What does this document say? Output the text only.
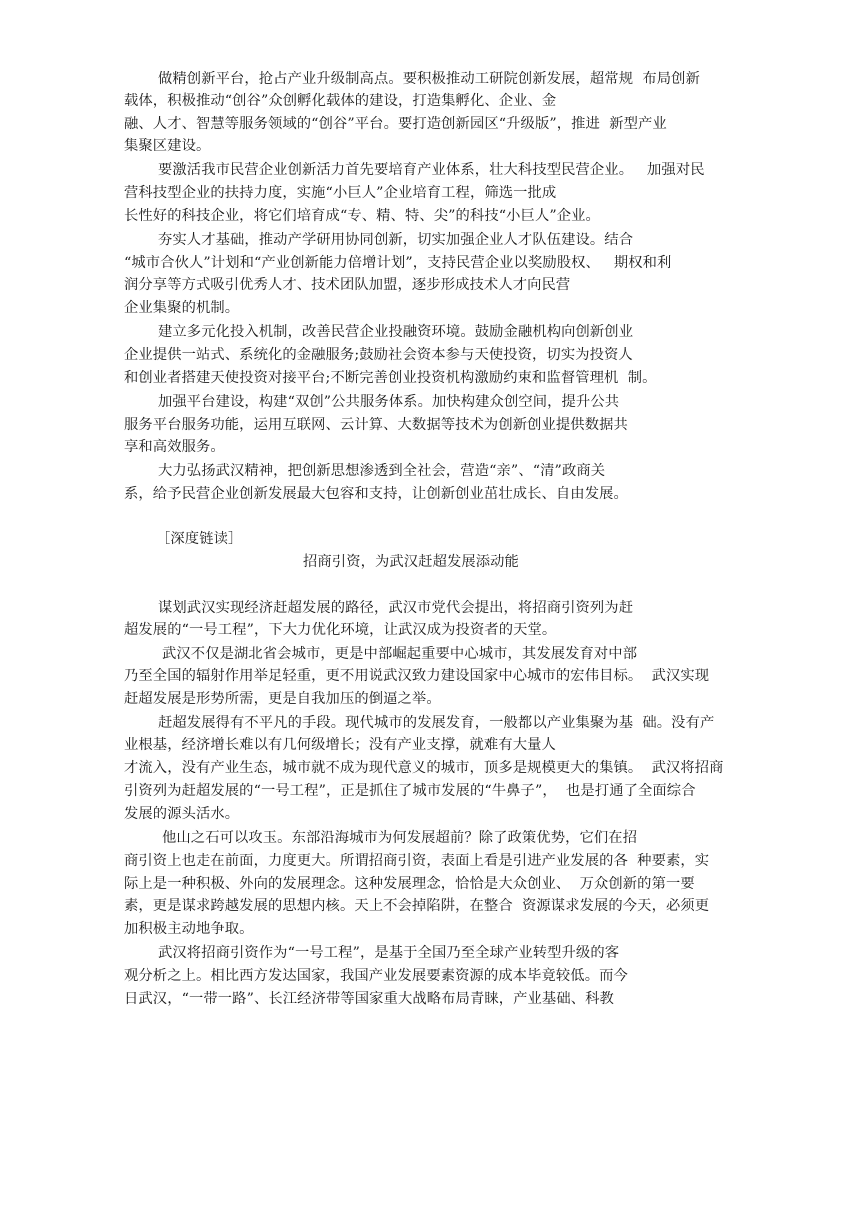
做精创新平台，抢占产业升级制高点。要积极推动工研院创新发展，超常规  布局创新
载体，积极推动“创谷”众创孵化载体的建设，打造集孵化、企业、金
融、人才、智慧等服务领域的“创谷”平台。要打造创新园区“升级版”，推进  新型产业
集聚区建设。
要激活我市民营企业创新活力首先要培育产业体系，壮大科技型民营企业。   加强对民
营科技型企业的扶持力度，实施“小巨人”企业培育工程，筛选一批成
长性好的科技企业，将它们培育成“专、精、特、尖”的科技“小巨人”企业。
夯实人才基础，推动产学研用协同创新，切实加强企业人才队伍建设。结合
“城市合伙人”计划和“产业创新能力倍增计划”，支持民营企业以奖励股权、   期权和利
润分享等方式吸引优秀人才、技术团队加盟，逐步形成技术人才向民营
企业集聚的机制。
建立多元化投入机制，改善民营企业投融资环境。鼓励金融机构向创新创业
企业提供一站式、系统化的金融服务;鼓励社会资本参与天使投资，切实为投资人
和创业者搭建天使投资对接平台;不断完善创业投资机构激励约束和监督管理机  制。
加强平台建设，构建“双创”公共服务体系。加快构建众创空间，提升公共
服务平台服务功能，运用互联网、云计算、大数据等技术为创新创业提供数据共
享和高效服务。
大力弘扬武汉精神，把创新思想渗透到全社会，营造“亲”、“清”政商关
系，给予民营企业创新发展最大包容和支持，让创新创业茁壮成长、自由发展。
［深度链读］
招商引资，为武汉赶超发展添动能
谋划武汉实现经济赶超发展的路径，武汉市党代会提出，将招商引资列为赶
超发展的“一号工程”，下大力优化环境，让武汉成为投资者的天堂。
武汉不仅是湖北省会城市，更是中部崛起重要中心城市，其发展发育对中部
乃至全国的辐射作用举足轻重，更不用说武汉致力建设国家中心城市的宏伟目标。  武汉实现
赶超发展是形势所需，更是自我加压的倒逼之举。
赶超发展得有不平凡的手段。现代城市的发展发育，一般都以产业集聚为基  础。没有产
业根基，经济增长难以有几何级增长；没有产业支撑，就难有大量人
才流入，没有产业生态，城市就不成为现代意义的城市，顶多是规模更大的集镇。  武汉将招商
引资列为赶超发展的“一号工程”，正是抓住了城市发展的“牛鼻子”，  也是打通了全面综合
发展的源头活水。
他山之石可以攻玉。东部沿海城市为何发展超前？除了政策优势，它们在招
商引资上也走在前面，力度更大。所谓招商引资，表面上看是引进产业发展的各  种要素，实
际上是一种积极、外向的发展理念。这种发展理念，恰恰是大众创业、  万众创新的第一要
素，更是谋求跨越发展的思想内核。天上不会掉陷阱，在整合  资源谋求发展的今天，必须更
加积极主动地争取。
武汉将招商引资作为“一号工程”，是基于全国乃至全球产业转型升级的客
观分析之上。相比西方发达国家，我国产业发展要素资源的成本毕竟较低。而今
日武汉，“一带一路”、长江经济带等国家重大战略布局青睐，产业基础、科教
